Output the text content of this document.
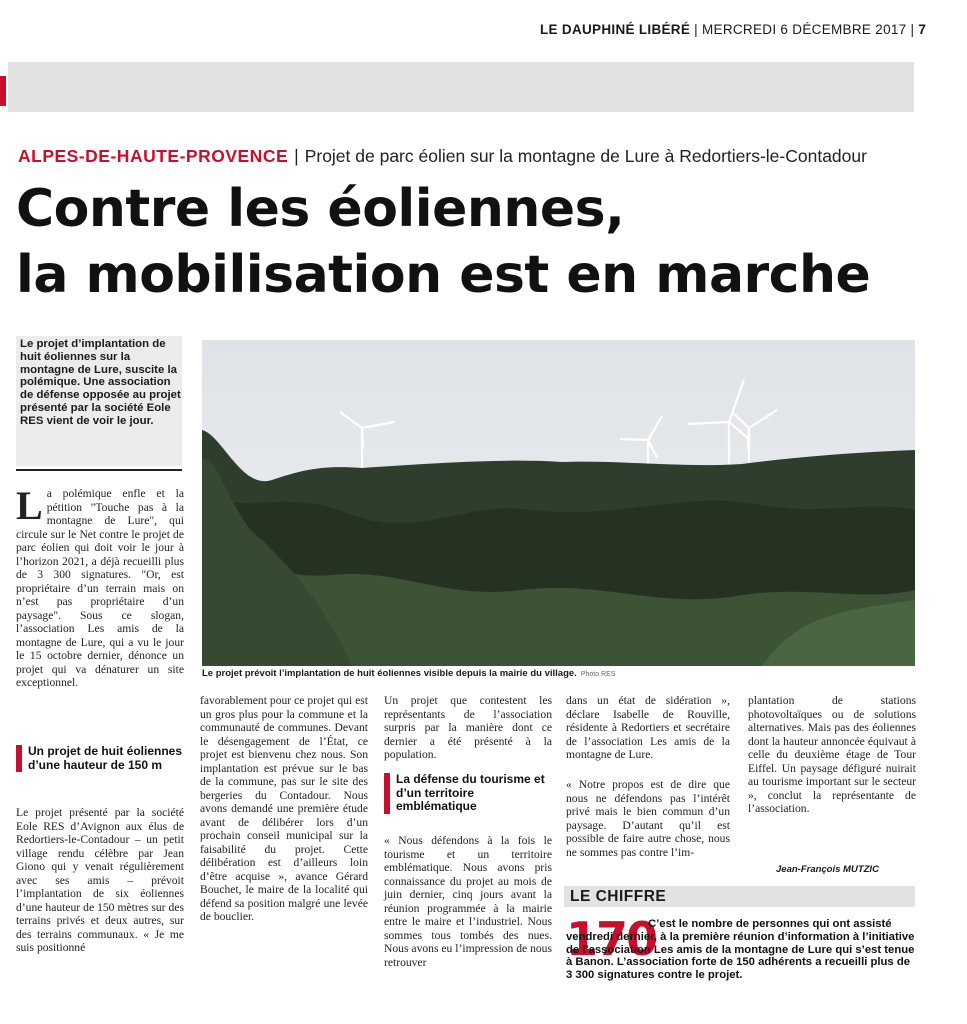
LE DAUPHINÉ LIBÉRÉ | MERCREDI 6 DÉCEMBRE 2017 | 7
ALPES-DE-HAUTE-PROVENCE | Projet de parc éolien sur la montagne de Lure à Redortiers-le-Contadour
Contre les éoliennes,
la mobilisation est en marche
Le projet d’implantation de huit éoliennes sur la montagne de Lure, suscite la polémique. Une association de défense opposée au projet présenté par la société Eole RES vient de voir le jour.
Le projet prévoit l’implantation de huit éoliennes visible depuis la mairie du village. Photo RES
La polémique enfle et la pétition "Touche pas à la montagne de Lure", qui circule sur le Net contre le projet de parc éolien qui doit voir le jour à l’horizon 2021, a déjà recueilli plus de 3 300 signatures. "Or, est propriétaire d’un terrain mais on n’est pas propriétaire d’un paysage". Sous ce slogan, l’association Les amis de la montagne de Lure, qui a vu le jour le 15 octobre dernier, dénonce un projet qui va dénaturer un site exceptionnel.
Un projet de huit éoliennes d’une hauteur de 150 m
Le projet présenté par la société Eole RES d’Avignon aux élus de Redortiers-le-Contadour – un petit village rendu célèbre par Jean Giono qui y venait régulièrement avec ses amis – prévoit l’implantation de six éoliennes d’une hauteur de 150 mètres sur des terrains privés et deux autres, sur des terrains communaux. « Je me suis positionné
favorablement pour ce projet qui est un gros plus pour la commune et la communauté de communes. Devant le désengagement de l’État, ce projet est bienvenu chez nous. Son implantation est prévue sur le bas de la commune, pas sur le site des bergeries du Contadour. Nous avons demandé une première étude avant de délibérer lors d’un prochain conseil municipal sur la faisabilité du projet. Cette délibération est d’ailleurs loin d’être acquise », avance Gérard Bouchet, le maire de la localité qui défend sa position malgré une levée de bouclier.
Un projet que contestent les représentants de l’association surpris par la manière dont ce dernier a été présenté à la population.
La défense du tourisme et d’un territoire emblématique
« Nous défendons à la fois le tourisme et un territoire emblématique. Nous avons pris connaissance du projet au mois de juin dernier, cinq jours avant la réunion programmée à la mairie entre le maire et l’industriel. Nous sommes tous tombés des nues. Nous avons eu l’impression de nous retrouver
dans un état de sidération », déclare Isabelle de Rouville, résidente à Redortiers et secrétaire de l’association Les amis de la montagne de Lure.
« Notre propos est de dire que nous ne défendons pas l’intérêt privé mais le bien commun d’un paysage. D’autant qu’il est possible de faire autre chose, nous ne sommes pas contre l’im-
plantation de stations photovoltaïques ou de solutions alternatives. Mais pas des éoliennes dont la hauteur annoncée équivaut à celle du deuxième étage de Tour Eiffel. Un paysage défiguré nuirait au tourisme important sur le secteur », conclut la représentante de l’association.
Jean-François MUTZIC
LE CHIFFRE
170
C’est le nombre de personnes qui ont assisté vendredi dernier, à la première réunion d’information à l’initiative de l’association Les amis de la montagne de Lure qui s’est tenue à Banon. L’association forte de 150 adhérents a recueilli plus de 3 300 signatures contre le projet.
